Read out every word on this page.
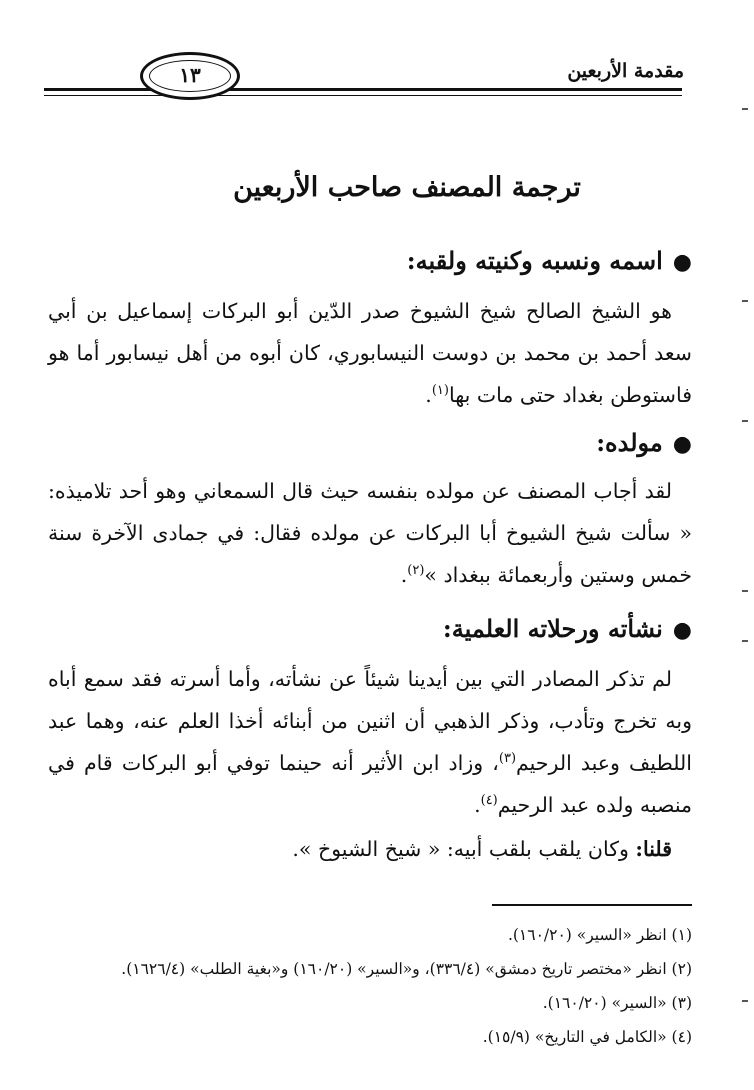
مقدمة الأربعين
١٣
ترجمة المصنف صاحب الأربعين
●اسمه ونسبه وكنيته ولقبه:
هو الشيخ الصالح شيخ الشيوخ صدر الدّين أبو البركات إسماعيل بن أبي سعد أحمد بن محمد بن دوست النيسابوري، كان أبوه من أهل نيسابور أما هو فاستوطن بغداد حتى مات بها$^{(١)}$.
●مولده:
لقد أجاب المصنف عن مولده بنفسه حيث قال السمعاني وهو أحد تلاميذه: « سألت شيخ الشيوخ أبا البركات عن مولده فقال: في جمادى الآخرة سنة خمس وستين وأربعمائة ببغداد »$^{(٢)}$.
●نشأته ورحلاته العلمية:
لم تذكر المصادر التي بين أيدينا شيئاً عن نشأته، وأما أسرته فقد سمع أباه وبه تخرج وتأدب، وذكر الذهبي أن اثنين من أبنائه أخذا العلم عنه، وهما عبد اللطيف وعبد الرحيم$^{(٣)}$، وزاد ابن الأثير أنه حينما توفي أبو البركات قام في منصبه ولده عبد الرحيم$^{(٤)}$.
قلنا: وكان يلقب بلقب أبيه: « شيخ الشيوخ ».
(١) انظر «السير» (١٦٠/٢٠).
(٢) انظر «مختصر تاريخ دمشق» (٣٣٦/٤)، و«السير» (١٦٠/٢٠) و«بغية الطلب» (١٦٢٦/٤).
(٣) «السير» (١٦٠/٢٠).
(٤) «الكامل في التاريخ» (١٥/٩).
